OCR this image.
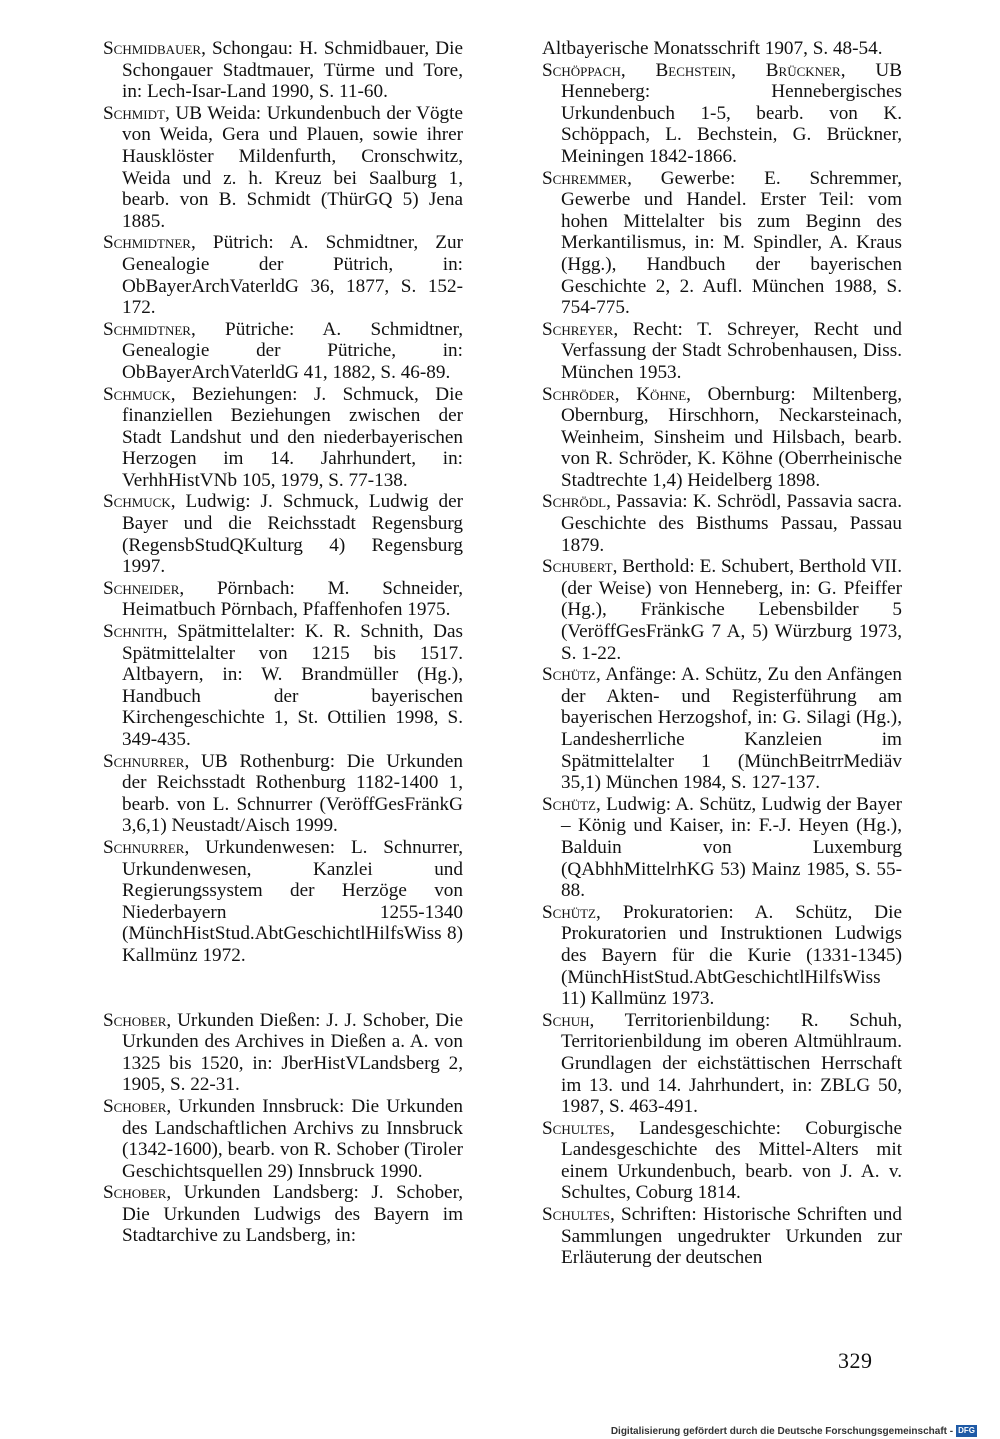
Schmidbauer, Schongau: H. Schmidbauer, Die Schongauer Stadtmauer, Türme und Tore, in: Lech-Isar-Land 1990, S. 11-60.

Schmidt, UB Weida: Urkundenbuch der Vögte von Weida, Gera und Plauen, sowie ihrer Hausklöster Mildenfurth, Cronschwitz, Weida und z. h. Kreuz bei Saalburg 1, bearb. von B. Schmidt (ThürGQ 5) Jena 1885.

Schmidtner, Pütrich: A. Schmidtner, Zur Genealogie der Pütrich, in: ObBayerArchVaterldG 36, 1877, S. 152-172.

Schmidtner, Pütriche: A. Schmidtner, Genealogie der Pütriche, in: ObBayerArchVaterldG 41, 1882, S. 46-89.

Schmuck, Beziehungen: J. Schmuck, Die finanziellen Beziehungen zwischen der Stadt Landshut und den niederbayerischen Herzogen im 14. Jahrhundert, in: VerhhHistVNb 105, 1979, S. 77-138.

Schmuck, Ludwig: J. Schmuck, Ludwig der Bayer und die Reichsstadt Regensburg (RegensbStudQKulturg 4) Regensburg 1997.

Schneider, Pörnbach: M. Schneider, Heimatbuch Pörnbach, Pfaffenhofen 1975.

Schnith, Spätmittelalter: K. R. Schnith, Das Spätmittelalter von 1215 bis 1517. Altbayern, in: W. Brandmüller (Hg.), Handbuch der bayerischen Kirchengeschichte 1, St. Ottilien 1998, S. 349-435.

Schnurrer, UB Rothenburg: Die Urkunden der Reichsstadt Rothenburg 1182-1400 1, bearb. von L. Schnurrer (VeröffGesFränkG 3,6,1) Neustadt/Aisch 1999.

Schnurrer, Urkundenwesen: L. Schnurrer, Urkundenwesen, Kanzlei und Regierungssystem der Herzöge von Niederbayern 1255-1340 (MünchHistStud.AbtGeschichtlHilfsWiss 8) Kallmünz 1972.

Schober, Urkunden Dießen: J. J. Schober, Die Urkunden des Archives in Dießen a. A. von 1325 bis 1520, in: JberHistVLandsberg 2, 1905, S. 22-31.

Schober, Urkunden Innsbruck: Die Urkunden des Landschaftlichen Archivs zu Innsbruck (1342-1600), bearb. von R. Schober (Tiroler Geschichtsquellen 29) Innsbruck 1990.

Schober, Urkunden Landsberg: J. Schober, Die Urkunden Ludwigs des Bayern im Stadtarchive zu Landsberg, in:

Altbayerische Monatsschrift 1907, S. 48-54.

Schöppach, Bechstein, Brückner, UB Henneberg: Hennebergisches Urkundenbuch 1-5, bearb. von K. Schöppach, L. Bechstein, G. Brückner, Meiningen 1842-1866.

Schremmer, Gewerbe: E. Schremmer, Gewerbe und Handel. Erster Teil: vom hohen Mittelalter bis zum Beginn des Merkantilismus, in: M. Spindler, A. Kraus (Hgg.), Handbuch der bayerischen Geschichte 2, 2. Aufl. München 1988, S. 754-775.

Schreyer, Recht: T. Schreyer, Recht und Verfassung der Stadt Schrobenhausen, Diss. München 1953.

Schröder, Köhne, Obernburg: Miltenberg, Obernburg, Hirschhorn, Neckarsteinach, Weinheim, Sinsheim und Hilsbach, bearb. von R. Schröder, K. Köhne (Oberrheinische Stadtrechte 1,4) Heidelberg 1898.

Schrödl, Passavia: K. Schrödl, Passavia sacra. Geschichte des Bisthums Passau, Passau 1879.

Schubert, Berthold: E. Schubert, Berthold VII. (der Weise) von Henneberg, in: G. Pfeiffer (Hg.), Fränkische Lebensbilder 5 (VeröffGesFränkG 7 A, 5) Würzburg 1973, S. 1-22.

Schütz, Anfänge: A. Schütz, Zu den Anfängen der Akten- und Registerführung am bayerischen Herzogshof, in: G. Silagi (Hg.), Landesherrliche Kanzleien im Spätmittelalter 1 (MünchBeitrrMediäv 35,1) München 1984, S. 127-137.

Schütz, Ludwig: A. Schütz, Ludwig der Bayer – König und Kaiser, in: F.-J. Heyen (Hg.), Balduin von Luxemburg (QAbhhMittelrhKG 53) Mainz 1985, S. 55-88.

Schütz, Prokuratorien: A. Schütz, Die Prokuratorien und Instruktionen Ludwigs des Bayern für die Kurie (1331-1345) (MünchHistStud.AbtGeschichtlHilfsWiss 11) Kallmünz 1973.

Schuh, Territorienbildung: R. Schuh, Territorienbildung im oberen Altmühlraum. Grundlagen der eichstättischen Herrschaft im 13. und 14. Jahrhundert, in: ZBLG 50, 1987, S. 463-491.

Schultes, Landesgeschichte: Coburgische Landesgeschichte des Mittel-Alters mit einem Urkundenbuch, bearb. von J. A. v. Schultes, Coburg 1814.

Schultes, Schriften: Historische Schriften und Sammlungen ungedrukter Urkunden zur Erläuterung der deutschen

329
Digitalisierung gefördert durch die Deutsche Forschungsgemeinschaft - DFG
